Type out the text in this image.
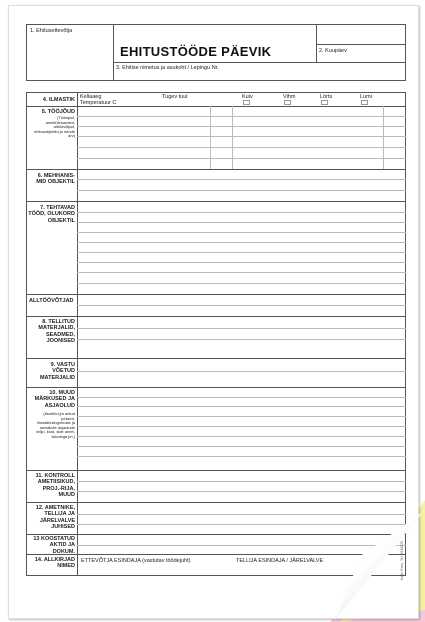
1. Ehitusettevõtja
EHITUSTÖÖDE PÄEVIK	2. Kuupäev
3. Ehitise nimetus ja asukoht / Lepingu Nr.
4. ILMASTIK Kellaaeg
Temperatuur C
Tugev tuul	Kuiv	Vihm	Lörts	Lumi
5. TÖÖJÕUD
(Töötajad, ametiülesanded, alltöövõtjad, ehitusobjektid ja nende arv)
6. MEHHANIS-MID OBJEKTIL
7. TEHTAVAD TÖÖD, OLUKORD OBJEKTIL
ALLTÖÖVÕTJAD
8. TELLITUD MATERJALID, SEADMED, JOONISED
9. VASTU VÕETUD MATERJALID
10. MUUD MÄRKUSED JA ASJAOLUD
(lisatööd jm antud juhised, ilmastikutingimuste ja seisakute asjaolude mõju, kiud, side amet-isikutega jm.)
11. KONTROLL AMETIISIKUD, PROJ.-RIJA, MUUD
12. AMETNIKE, TELLIJA JA JÄRELVALVE JUHISED
13 KOOSTATUD AKTID JA DOKUM.
14. ALLKIRJAD NIMED
ETTEVÕTJA ESINDAJA (vastutav töödejuht)	TELLIJA ESINDAJA / JÄRELVALVE	Kadri Pank, Tel: 6546520
